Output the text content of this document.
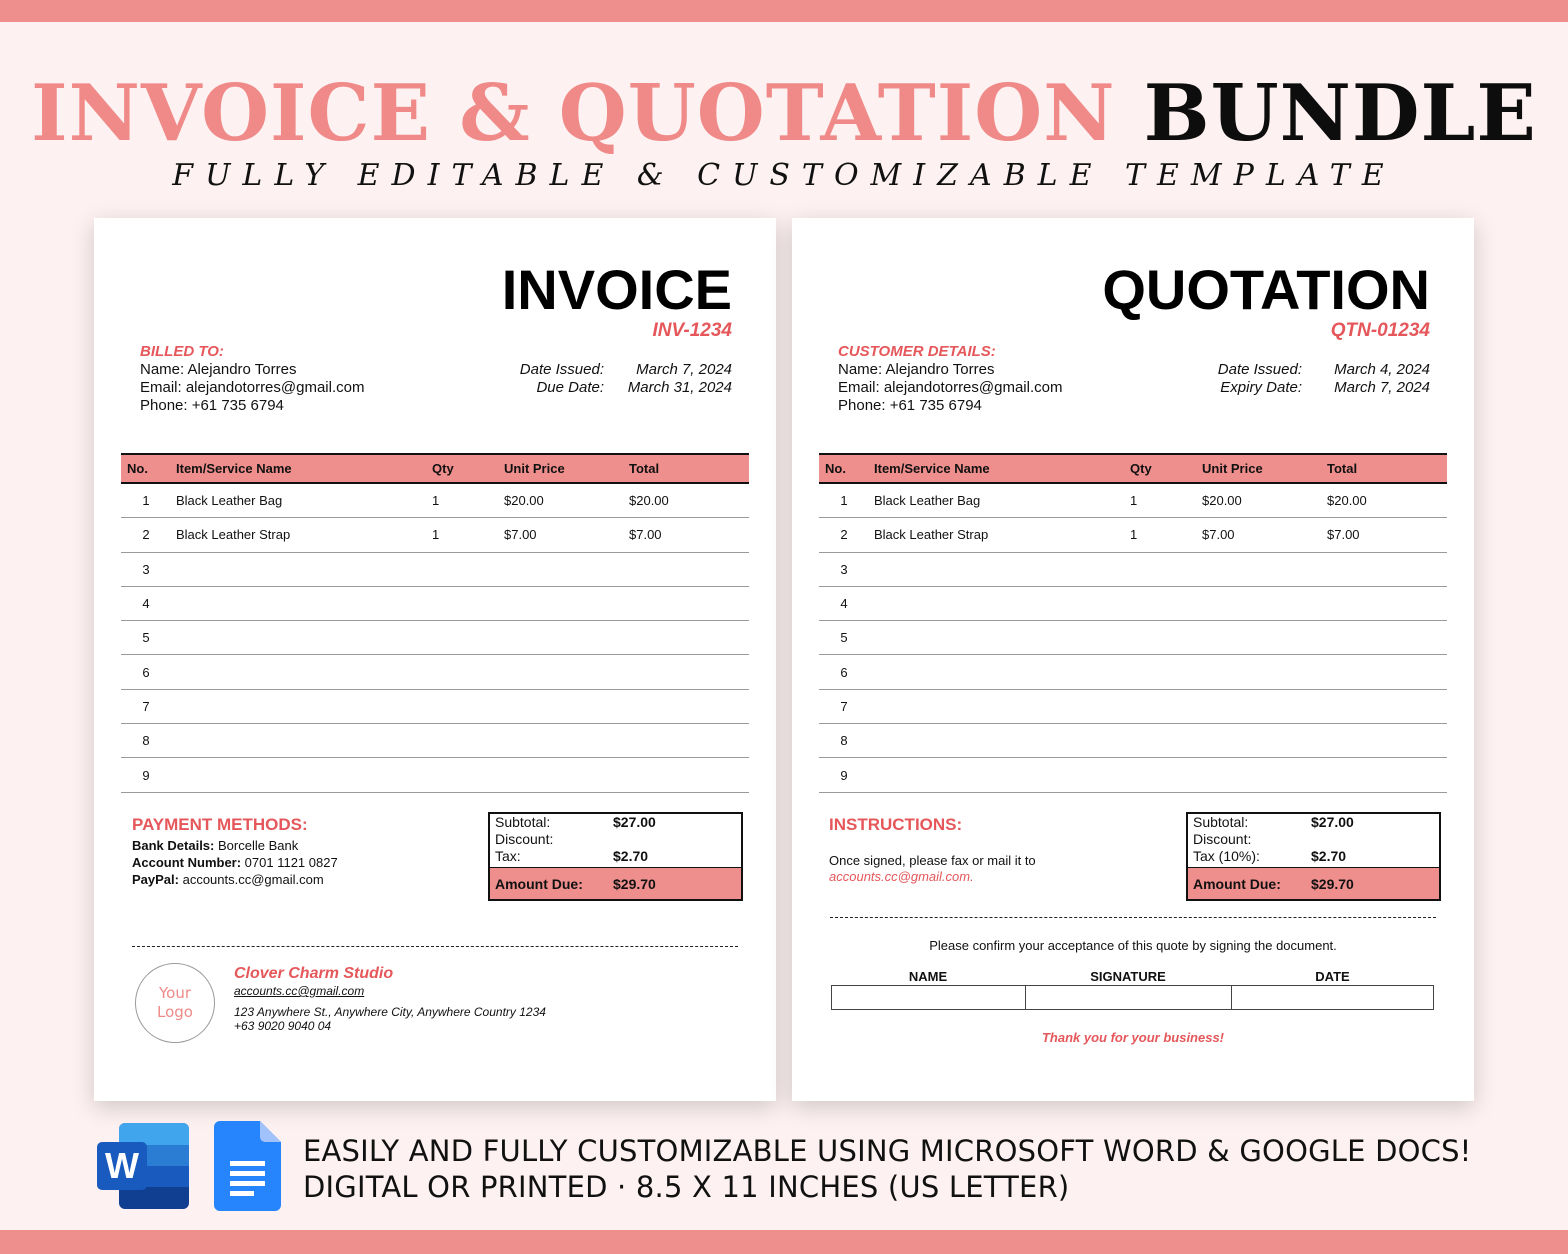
INVOICE & QUOTATION BUNDLE
FULLY EDITABLE & CUSTOMIZABLE TEMPLATE
INVOICE
INV-1234
BILLED TO:
Name: Alejandro Torres
Email: alejandotorres@gmail.com
Phone: +61 735 6794
Date Issued:	March 7, 2024
Due Date:	March 31, 2024
No.	Item/Service Name	Qty	Unit Price	Total
1	Black Leather Bag	1	$20.00	$20.00
2	Black Leather Strap	1	$7.00	$7.00
3
4
5
6
7
8
9
PAYMENT METHODS:
Bank Details: Borcelle Bank
Account Number: 0701 1121 0827
PayPal: accounts.cc@gmail.com
Subtotal:	$27.00
Discount:
Tax:	$2.70
Amount Due:	$29.70
Your
Logo
Clover Charm Studio
accounts.cc@gmail.com
123 Anywhere St., Anywhere City, Anywhere Country 1234
+63 9020 9040 04
QUOTATION
QTN-01234
CUSTOMER DETAILS:
Name: Alejandro Torres
Email: alejandotorres@gmail.com
Phone: +61 735 6794
Date Issued:	March 4, 2024
Expiry Date:	March 7, 2024
No.	Item/Service Name	Qty	Unit Price	Total
1	Black Leather Bag	1	$20.00	$20.00
2	Black Leather Strap	1	$7.00	$7.00
3
4
5
6
7
8
9
INSTRUCTIONS:
Once signed, please fax or mail it to
accounts.cc@gmail.com.
Subtotal:	$27.00
Discount:
Tax (10%):	$2.70
Amount Due:	$29.70
Please confirm your acceptance of this quote by signing the document.
NAME	SIGNATURE	DATE
Thank you for your business!
W	EASILY AND FULLY CUSTOMIZABLE USING MICROSOFT WORD & GOOGLE DOCS!
DIGITAL OR PRINTED · 8.5 X 11 INCHES (US LETTER)
